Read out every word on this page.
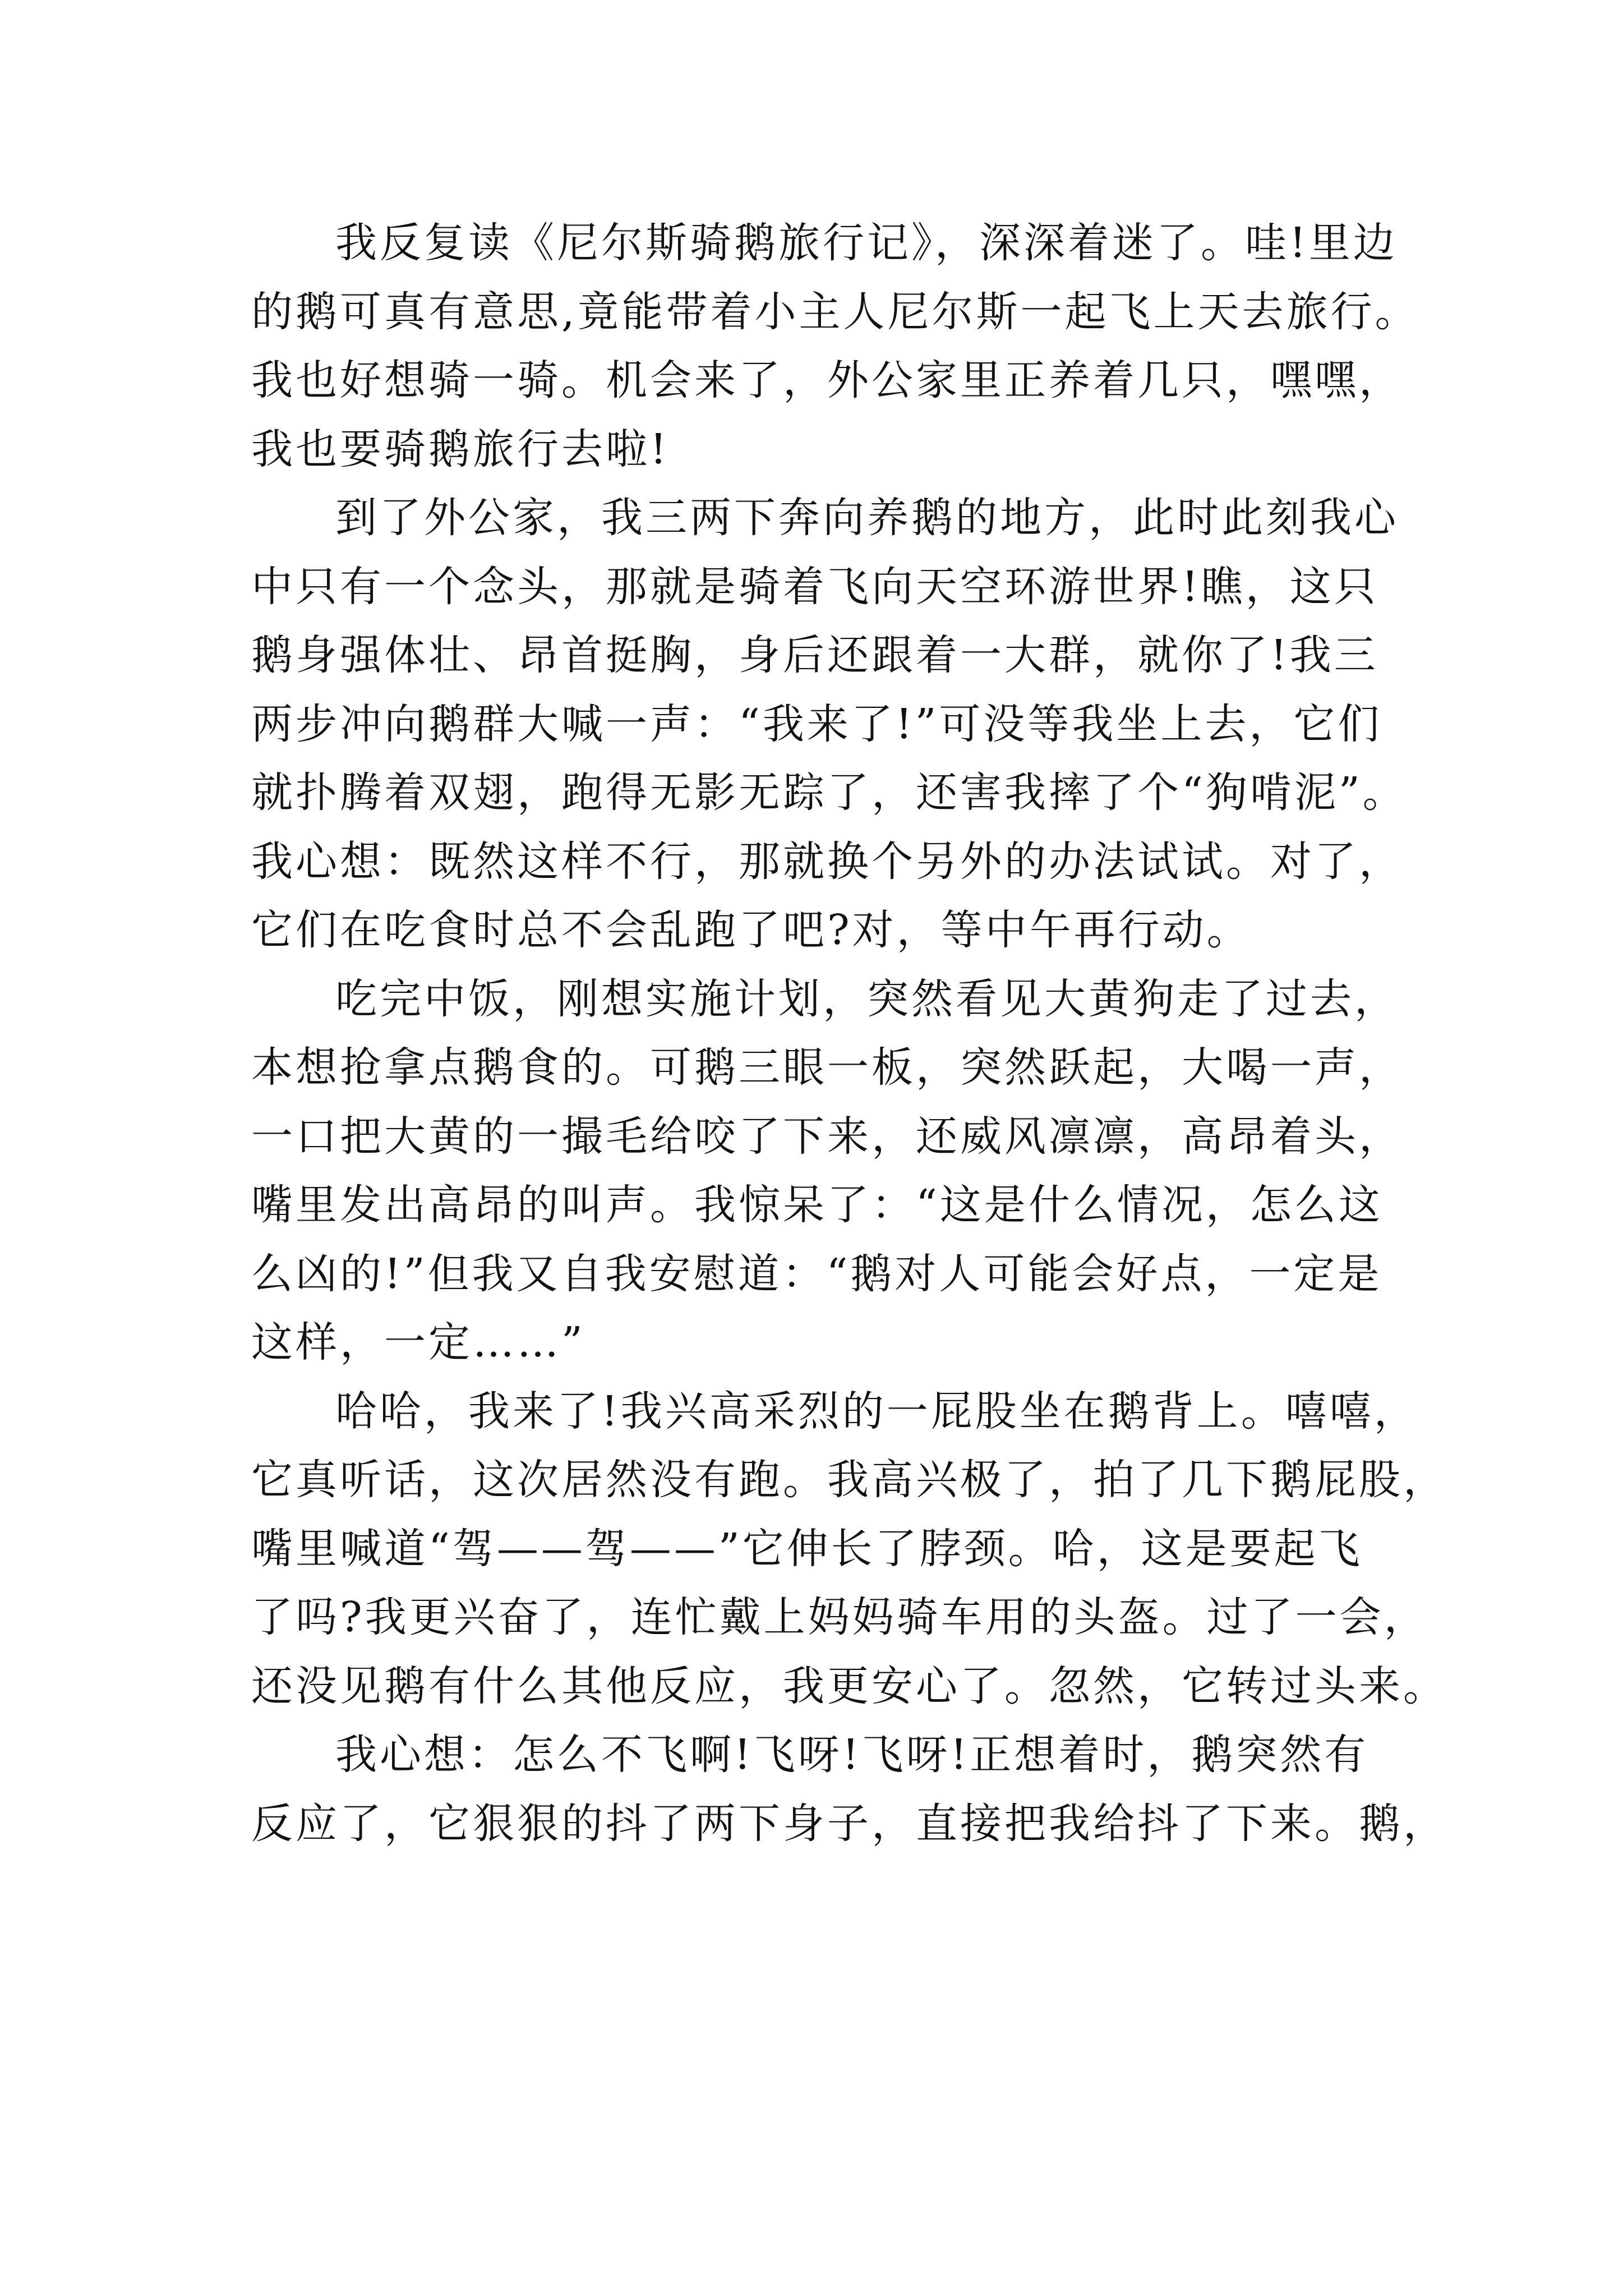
我反复读《尼尔斯骑鹅旅行记》，深深着迷了。哇!里边
的鹅可真有意思,竟能带着小主人尼尔斯一起飞上天去旅行。
我也好想骑一骑。机会来了，外公家里正养着几只，嘿嘿，
我也要骑鹅旅行去啦!

到了外公家，我三两下奔向养鹅的地方，此时此刻我心
中只有一个念头，那就是骑着飞向天空环游世界!瞧，这只
鹅身强体壮、昂首挺胸，身后还跟着一大群，就你了!我三
两步冲向鹅群大喊一声：“我来了!”可没等我坐上去，它们
就扑腾着双翅，跑得无影无踪了，还害我摔了个“狗啃泥”。
我心想：既然这样不行，那就换个另外的办法试试。对了，
它们在吃食时总不会乱跑了吧?对，等中午再行动。

吃完中饭，刚想实施计划，突然看见大黄狗走了过去，
本想抢拿点鹅食的。可鹅三眼一板，突然跃起，大喝一声，
一口把大黄的一撮毛给咬了下来，还威风凛凛，高昂着头，
嘴里发出高昂的叫声。我惊呆了：“这是什么情况，怎么这
么凶的!”但我又自我安慰道：“鹅对人可能会好点，一定是
这样，一定……”

哈哈，我来了!我兴高采烈的一屁股坐在鹅背上。嘻嘻，
它真听话，这次居然没有跑。我高兴极了，拍了几下鹅屁股，
嘴里喊道“驾——驾——”它伸长了脖颈。哈，这是要起飞
了吗?我更兴奋了，连忙戴上妈妈骑车用的头盔。过了一会，
还没见鹅有什么其他反应，我更安心了。忽然，它转过头来。

我心想：怎么不飞啊!飞呀!飞呀!正想着时，鹅突然有
反应了，它狠狠的抖了两下身子，直接把我给抖了下来。鹅，
